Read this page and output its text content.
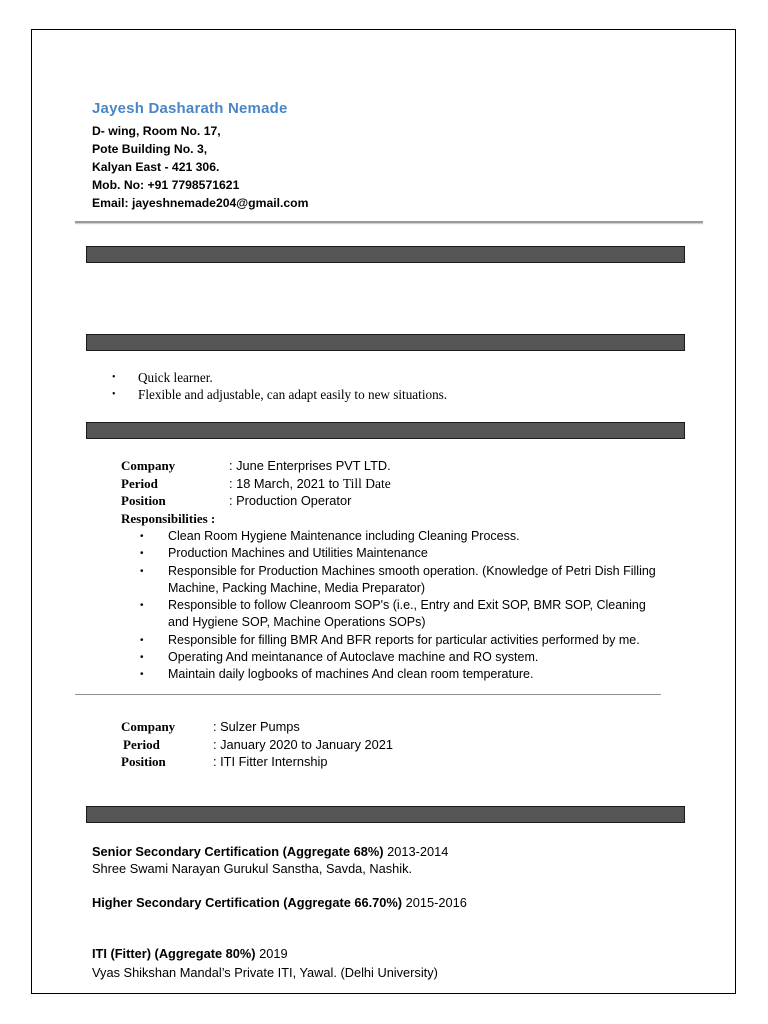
Jayesh Dasharath Nemade
D- wing, Room No. 17,
Pote Building No. 3,
Kalyan East - 421 306.
Mob. No: +91 7798571621
Email: jayeshnemade204@gmail.com
•	Quick learner.
•	Flexible and adjustable, can adapt easily to new situations.
Company	: June Enterprises PVT LTD.
Period	: 18 March, 2021 to Till Date
Position	: Production Operator
Responsibilities :
•	Clean Room Hygiene Maintenance including Cleaning Process.
•	Production Machines and Utilities Maintenance
•	Responsible for Production Machines smooth operation. (Knowledge of Petri Dish Filling Machine, Packing Machine, Media Preparator)
•	Responsible to follow Cleanroom SOP's (i.e., Entry and Exit SOP, BMR SOP, Cleaning and Hygiene SOP, Machine Operations SOPs)
•	Responsible for filling BMR And BFR reports for particular activities performed by me.
•	Operating And meintanance of Autoclave machine and RO system.
•	Maintain daily logbooks of machines And clean room temperature.
Company	: Sulzer Pumps
Period	: January 2020 to January 2021
Position	: ITI Fitter Internship
Senior Secondary Certification (Aggregate 68%) 2013-2014
Shree Swami Narayan Gurukul Sanstha, Savda, Nashik.
Higher Secondary Certification (Aggregate 66.70%) 2015-2016
ITI (Fitter) (Aggregate 80%) 2019
Vyas Shikshan Mandal’s Private ITI, Yawal. (Delhi University)
